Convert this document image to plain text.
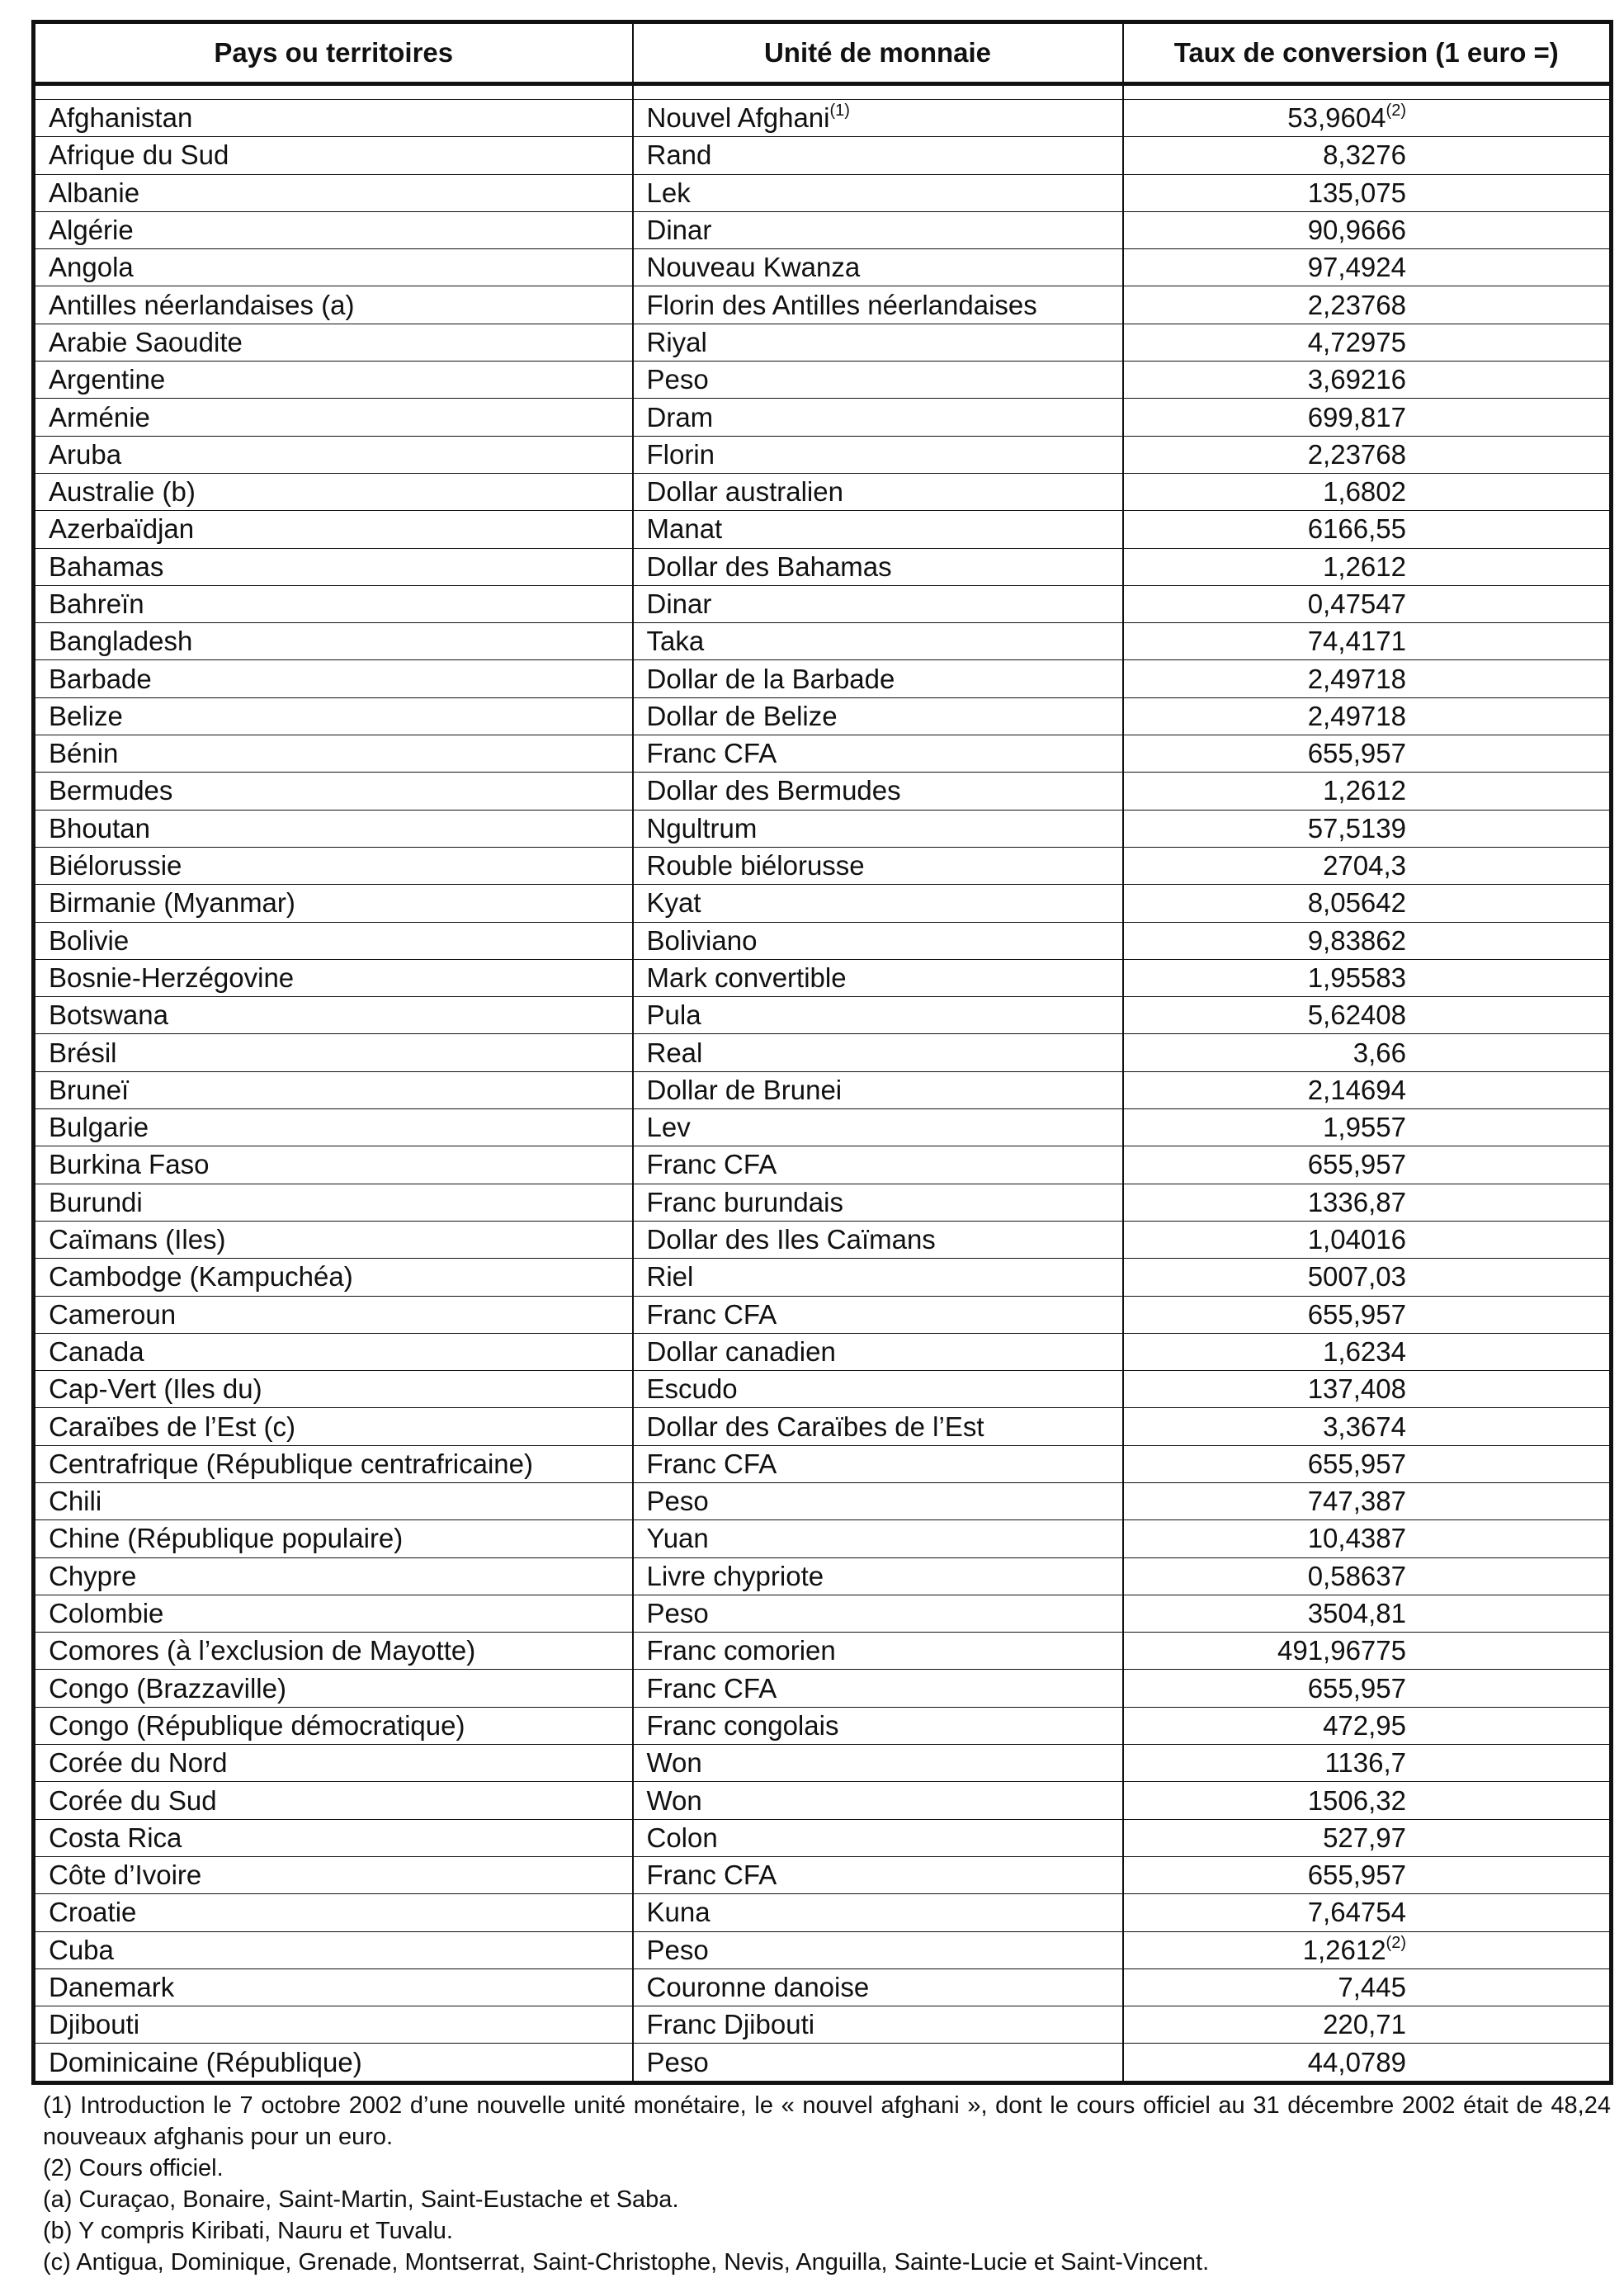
Pays ou territoires	Unité de monnaie	Taux de conversion (1 euro =)

Afghanistan	Nouvel Afghani$^{(1)}$	53,9604$^{(2)}$
Afrique du Sud	Rand	8,3276
Albanie	Lek	135,075
Algérie	Dinar	90,9666
Angola	Nouveau Kwanza	97,4924
Antilles néerlandaises (a)	Florin des Antilles néerlandaises	2,23768
Arabie Saoudite	Riyal	4,72975
Argentine	Peso	3,69216
Arménie	Dram	699,817
Aruba	Florin	2,23768
Australie (b)	Dollar australien	1,6802
Azerbaïdjan	Manat	6166,55
Bahamas	Dollar des Bahamas	1,2612
Bahreïn	Dinar	0,47547
Bangladesh	Taka	74,4171
Barbade	Dollar de la Barbade	2,49718
Belize	Dollar de Belize	2,49718
Bénin	Franc CFA	655,957
Bermudes	Dollar des Bermudes	1,2612
Bhoutan	Ngultrum	57,5139
Biélorussie	Rouble biélorusse	2704,3
Birmanie (Myanmar)	Kyat	8,05642
Bolivie	Boliviano	9,83862
Bosnie-Herzégovine	Mark convertible	1,95583
Botswana	Pula	5,62408
Brésil	Real	3,66
Bruneï	Dollar de Brunei	2,14694
Bulgarie	Lev	1,9557
Burkina Faso	Franc CFA	655,957
Burundi	Franc burundais	1336,87
Caïmans (Iles)	Dollar des Iles Caïmans	1,04016
Cambodge (Kampuchéa)	Riel	5007,03
Cameroun	Franc CFA	655,957
Canada	Dollar canadien	1,6234
Cap-Vert (Iles du)	Escudo	137,408
Caraïbes de l’Est (c)	Dollar des Caraïbes de l’Est	3,3674
Centrafrique (République centrafricaine)	Franc CFA	655,957
Chili	Peso	747,387
Chine (République populaire)	Yuan	10,4387
Chypre	Livre chypriote	0,58637
Colombie	Peso	3504,81
Comores (à l’exclusion de Mayotte)	Franc comorien	491,96775
Congo (Brazzaville)	Franc CFA	655,957
Congo (République démocratique)	Franc congolais	472,95
Corée du Nord	Won	1136,7
Corée du Sud	Won	1506,32
Costa Rica	Colon	527,97
Côte d’Ivoire	Franc CFA	655,957
Croatie	Kuna	7,64754
Cuba	Peso	1,2612$^{(2)}$
Danemark	Couronne danoise	7,445
Djibouti	Franc Djibouti	220,71
Dominicaine (République)	Peso	44,0789

(1) Introduction le 7 octobre 2002 d’une nouvelle unité monétaire, le « nouvel afghani », dont le cours officiel au 31 décembre 2002 était de 48,24 nouveaux afghanis pour un euro.

(2) Cours officiel.

(a) Curaçao, Bonaire, Saint-Martin, Saint-Eustache et Saba.

(b) Y compris Kiribati, Nauru et Tuvalu.

(c) Antigua, Dominique, Grenade, Montserrat, Saint-Christophe, Nevis, Anguilla, Sainte-Lucie et Saint-Vincent.
